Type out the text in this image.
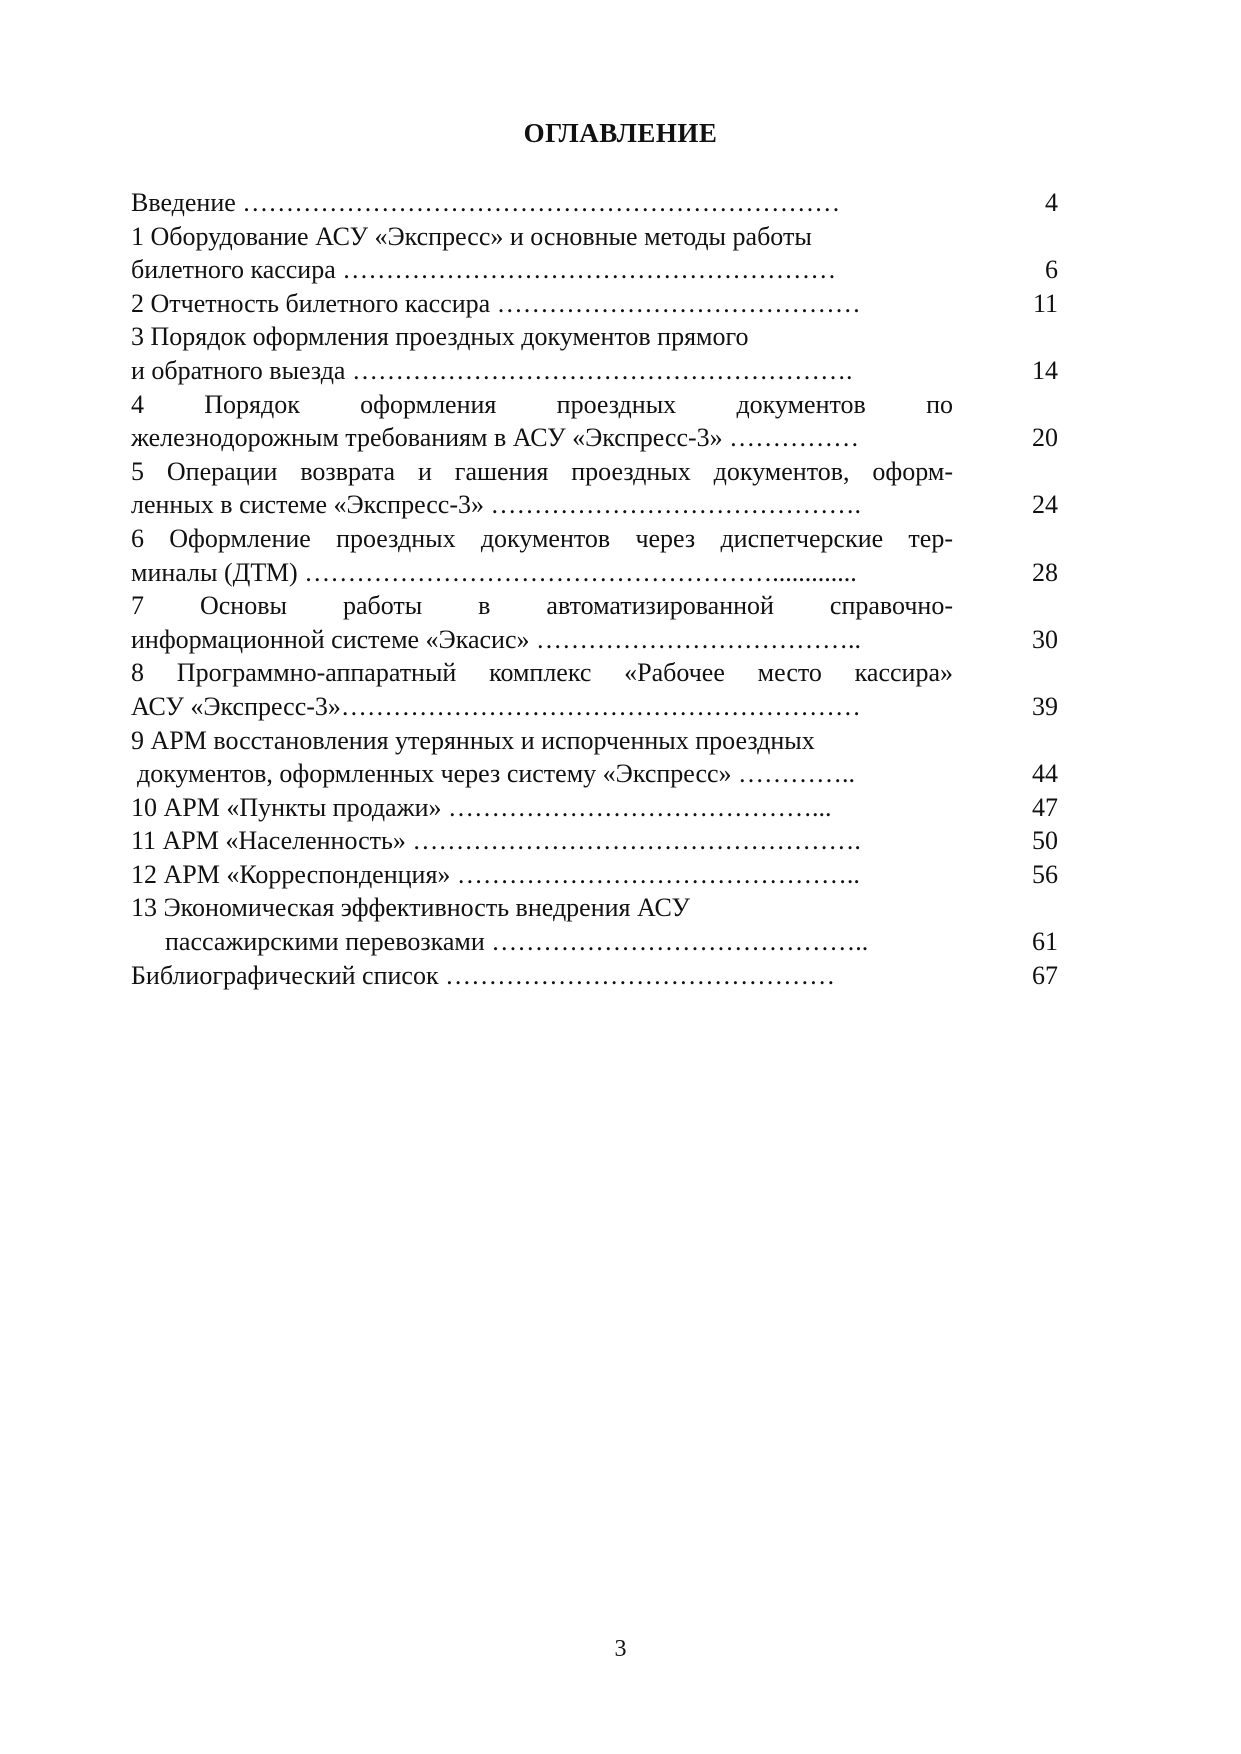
ОГЛАВЛЕНИЕ
Введение ……………………………………………………………	4
1 Оборудование АСУ «Экспресс» и основные методы работы
билетного кассира …………………………………………………	6
2 Отчетность билетного кассира ……………………………………	11
3 Порядок оформления проездных документов прямого
и обратного выезда ………………………………………………….	14
4 Порядок оформления проездных документов по
железнодорожным требованиям в АСУ «Экспресс-3» ……………	20
5 Операции возврата и гашения проездных документов, оформ-
ленных в системе «Экспресс-3» …………………………………….	24
6 Оформление проездных документов через диспетчерские тер-
миналы (ДТМ) ……………………………………………….............	28
7 Основы работы в автоматизированной справочно-
информационной системе «Экасис» ………………………………..	30
8 Программно-аппаратный комплекс «Рабочее место кассира»
АСУ «Экспресс-3»……………………………………………………	39
9 АРМ восстановления утерянных и испорченных проездных
документов, оформленных через систему «Экспресс» …………..	44
10 АРМ «Пункты продажи» ……………………………………...	47
11 АРМ «Населенность» …………………………………………….	50
12 АРМ «Корреспонденция» ………………………………………..	56
13 Экономическая эффективность внедрения АСУ
пассажирскими перевозками ……………………………………..	61
Библиографический список ………………………………………	67
3
